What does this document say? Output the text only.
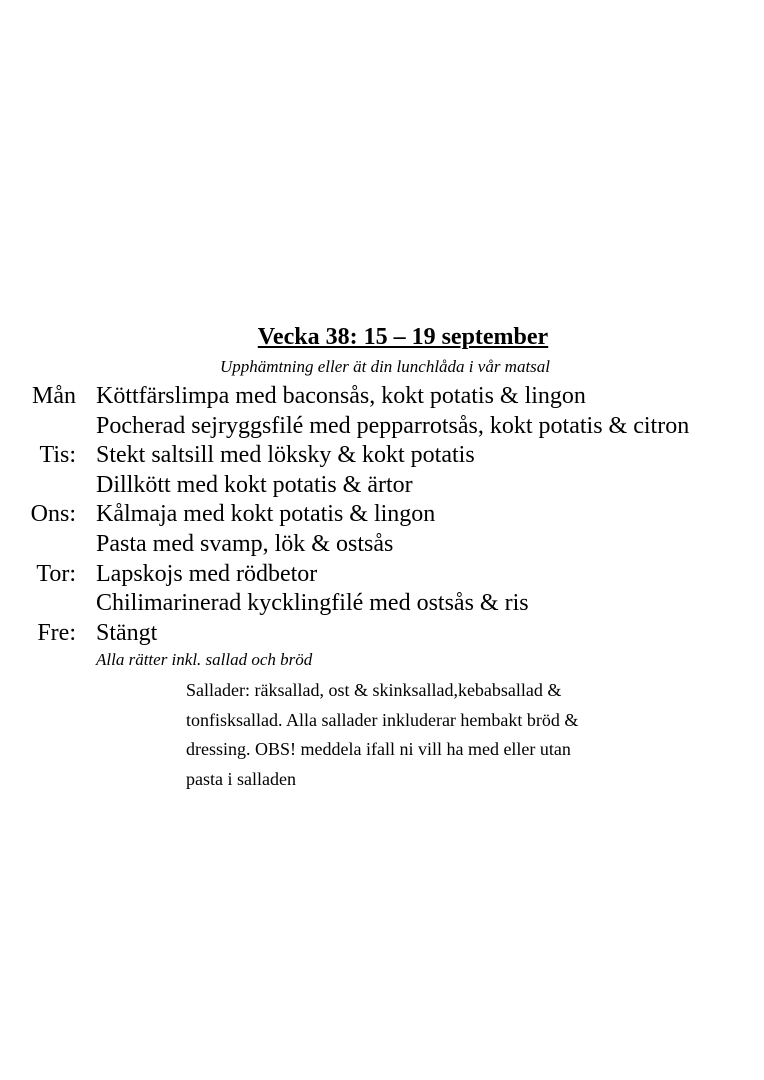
Vecka 38: 15 – 19 september
Upphämtning eller ät din lunchlåda i vår matsal
Mån Köttfärslimpa med baconsås, kokt potatis & lingon
Pocherad sejryggsfilé med pepparrotsås, kokt potatis & citron
Tis: Stekt saltsill med löksky & kokt potatis
Dillkött med kokt potatis & ärtor
Ons: Kålmaja med kokt potatis & lingon
Pasta med svamp, lök & ostsås
Tor: Lapskojs med rödbetor
Chilimarinerad kycklingfilé med ostsås & ris
Fre: Stängt
Alla rätter inkl. sallad och bröd
Sallader: räksallad, ost & skinksallad,kebabsallad &
tonfisksallad. Alla sallader inkluderar hembakt bröd &
dressing. OBS! meddela ifall ni vill ha med eller utan
pasta i salladen
